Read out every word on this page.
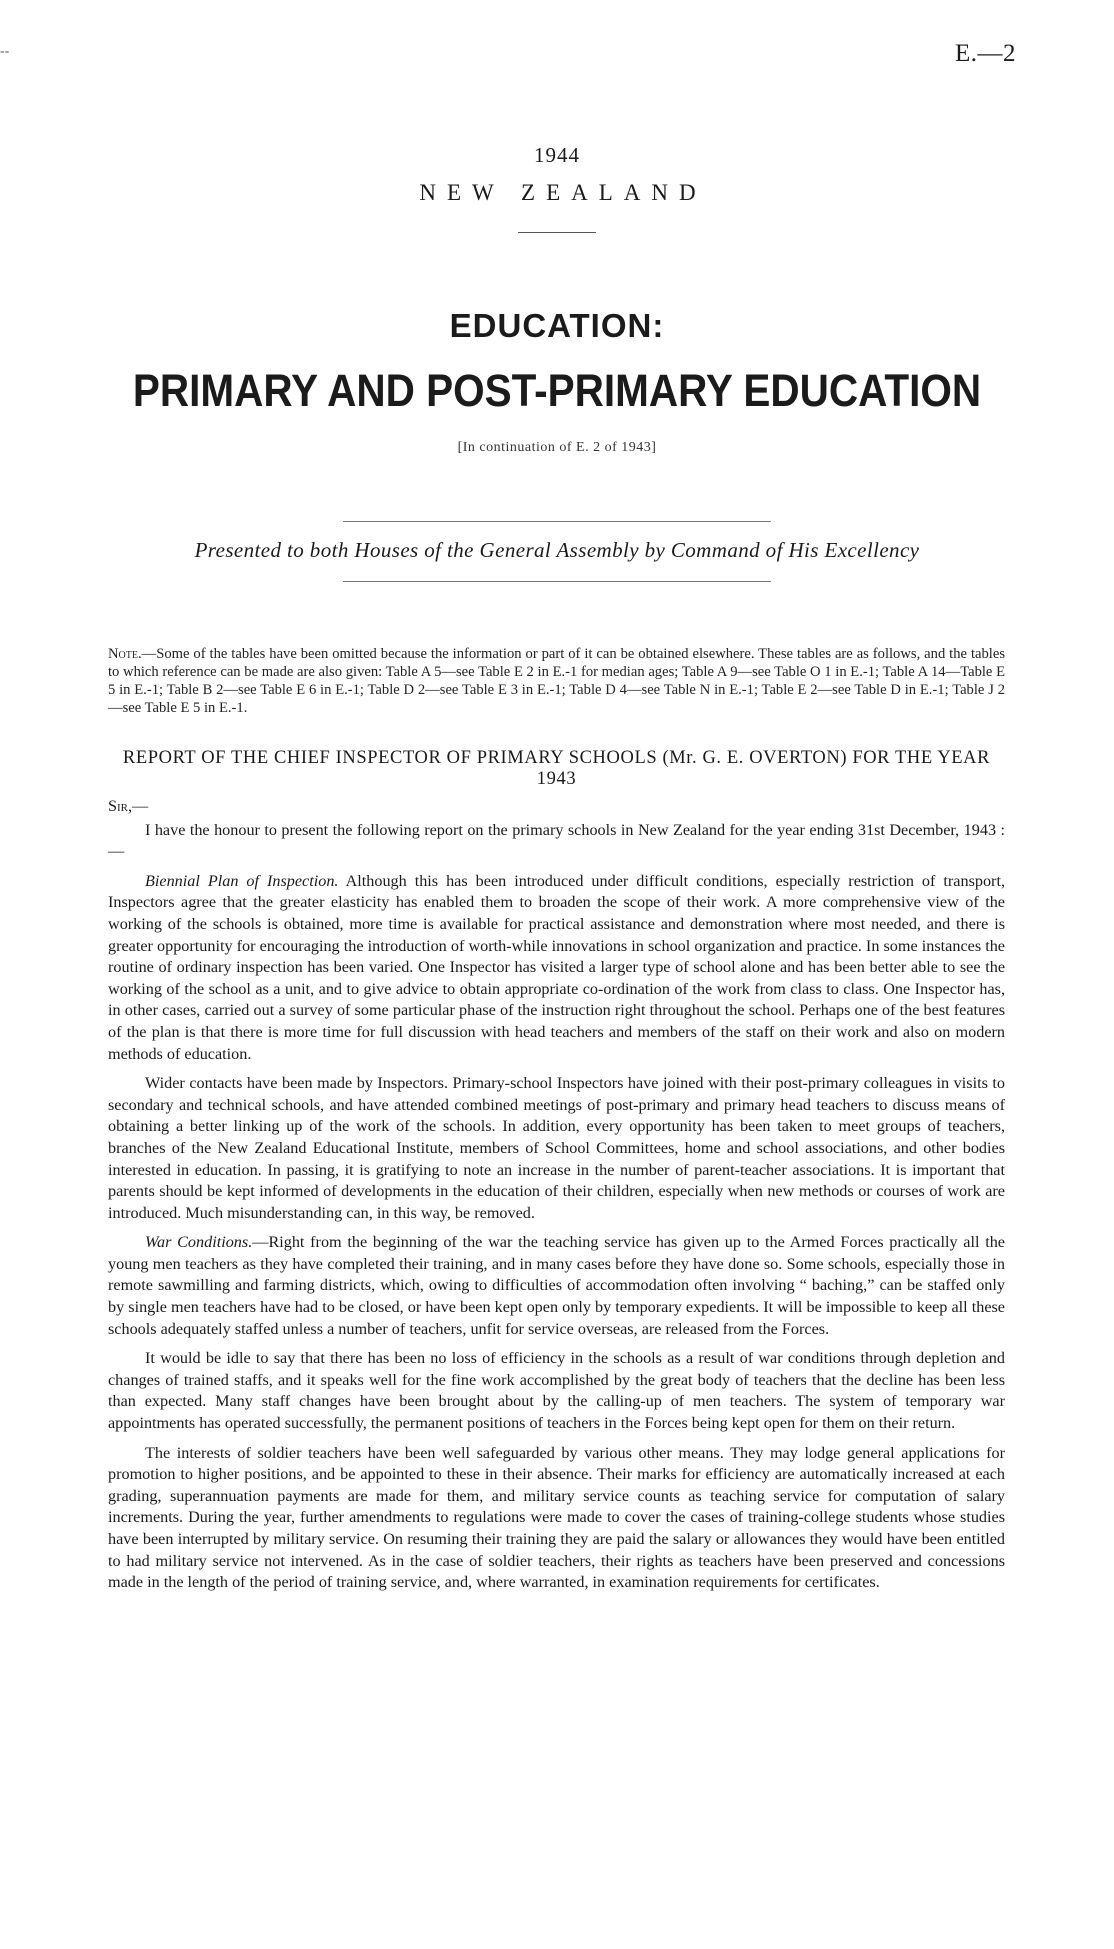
--	E.—2
1944
NEW ZEALAND
EDUCATION:
PRIMARY AND POST-PRIMARY EDUCATION
[In continuation of E. 2 of 1943]
Presented to both Houses of the General Assembly by Command of His Excellency
Note.—Some of the tables have been omitted because the information or part of it can be obtained elsewhere. These tables are as follows, and the tables to which reference can be made are also given: Table A 5—see Table E 2 in E.-1 for median ages; Table A 9—see Table O 1 in E.-1; Table A 14—Table E 5 in E.-1; Table B 2—see Table E 6 in E.-1; Table D 2—see Table E 3 in E.-1; Table D 4—see Table N in E.-1; Table E 2—see Table D in E.-1; Table J 2—see Table E 5 in E.-1.
REPORT OF THE CHIEF INSPECTOR OF PRIMARY SCHOOLS (Mr. G. E. OVERTON) FOR THE YEAR 1943
Sir,—

I have the honour to present the following report on the primary schools in New Zealand for the year ending 31st December, 1943 :—

Biennial Plan of Inspection. Although this has been introduced under difficult conditions, especially restriction of transport, Inspectors agree that the greater elasticity has enabled them to broaden the scope of their work. A more comprehensive view of the working of the schools is obtained, more time is available for practical assistance and demonstration where most needed, and there is greater opportunity for encouraging the introduction of worth-while innovations in school organization and practice. In some instances the routine of ordinary inspection has been varied. One Inspector has visited a larger type of school alone and has been better able to see the working of the school as a unit, and to give advice to obtain appropriate co-ordination of the work from class to class. One Inspector has, in other cases, carried out a survey of some particular phase of the instruction right throughout the school. Perhaps one of the best features of the plan is that there is more time for full discussion with head teachers and members of the staff on their work and also on modern methods of education.

Wider contacts have been made by Inspectors. Primary-school Inspectors have joined with their post-primary colleagues in visits to secondary and technical schools, and have attended combined meetings of post-primary and primary head teachers to discuss means of obtaining a better linking up of the work of the schools. In addition, every opportunity has been taken to meet groups of teachers, branches of the New Zealand Educational Institute, members of School Committees, home and school associations, and other bodies interested in education. In passing, it is gratifying to note an increase in the number of parent-teacher associations. It is important that parents should be kept informed of developments in the education of their children, especially when new methods or courses of work are introduced. Much misunderstanding can, in this way, be removed.

War Conditions.—Right from the beginning of the war the teaching service has given up to the Armed Forces practically all the young men teachers as they have completed their training, and in many cases before they have done so. Some schools, especially those in remote sawmilling and farming districts, which, owing to difficulties of accommodation often involving “ baching,” can be staffed only by single men teachers have had to be closed, or have been kept open only by temporary expedients. It will be impossible to keep all these schools adequately staffed unless a number of teachers, unfit for service overseas, are released from the Forces.

It would be idle to say that there has been no loss of efficiency in the schools as a result of war conditions through depletion and changes of trained staffs, and it speaks well for the fine work accomplished by the great body of teachers that the decline has been less than expected. Many staff changes have been brought about by the calling-up of men teachers. The system of temporary war appointments has operated successfully, the permanent positions of teachers in the Forces being kept open for them on their return.

The interests of soldier teachers have been well safeguarded by various other means. They may lodge general applications for promotion to higher positions, and be appointed to these in their absence. Their marks for efficiency are automatically increased at each grading, superannuation payments are made for them, and military service counts as teaching service for computation of salary increments. During the year, further amendments to regulations were made to cover the cases of training-college students whose studies have been interrupted by military service. On resuming their training they are paid the salary or allowances they would have been entitled to had military service not intervened. As in the case of soldier teachers, their rights as teachers have been preserved and concessions made in the length of the period of training service, and, where warranted, in examination requirements for certificates.
